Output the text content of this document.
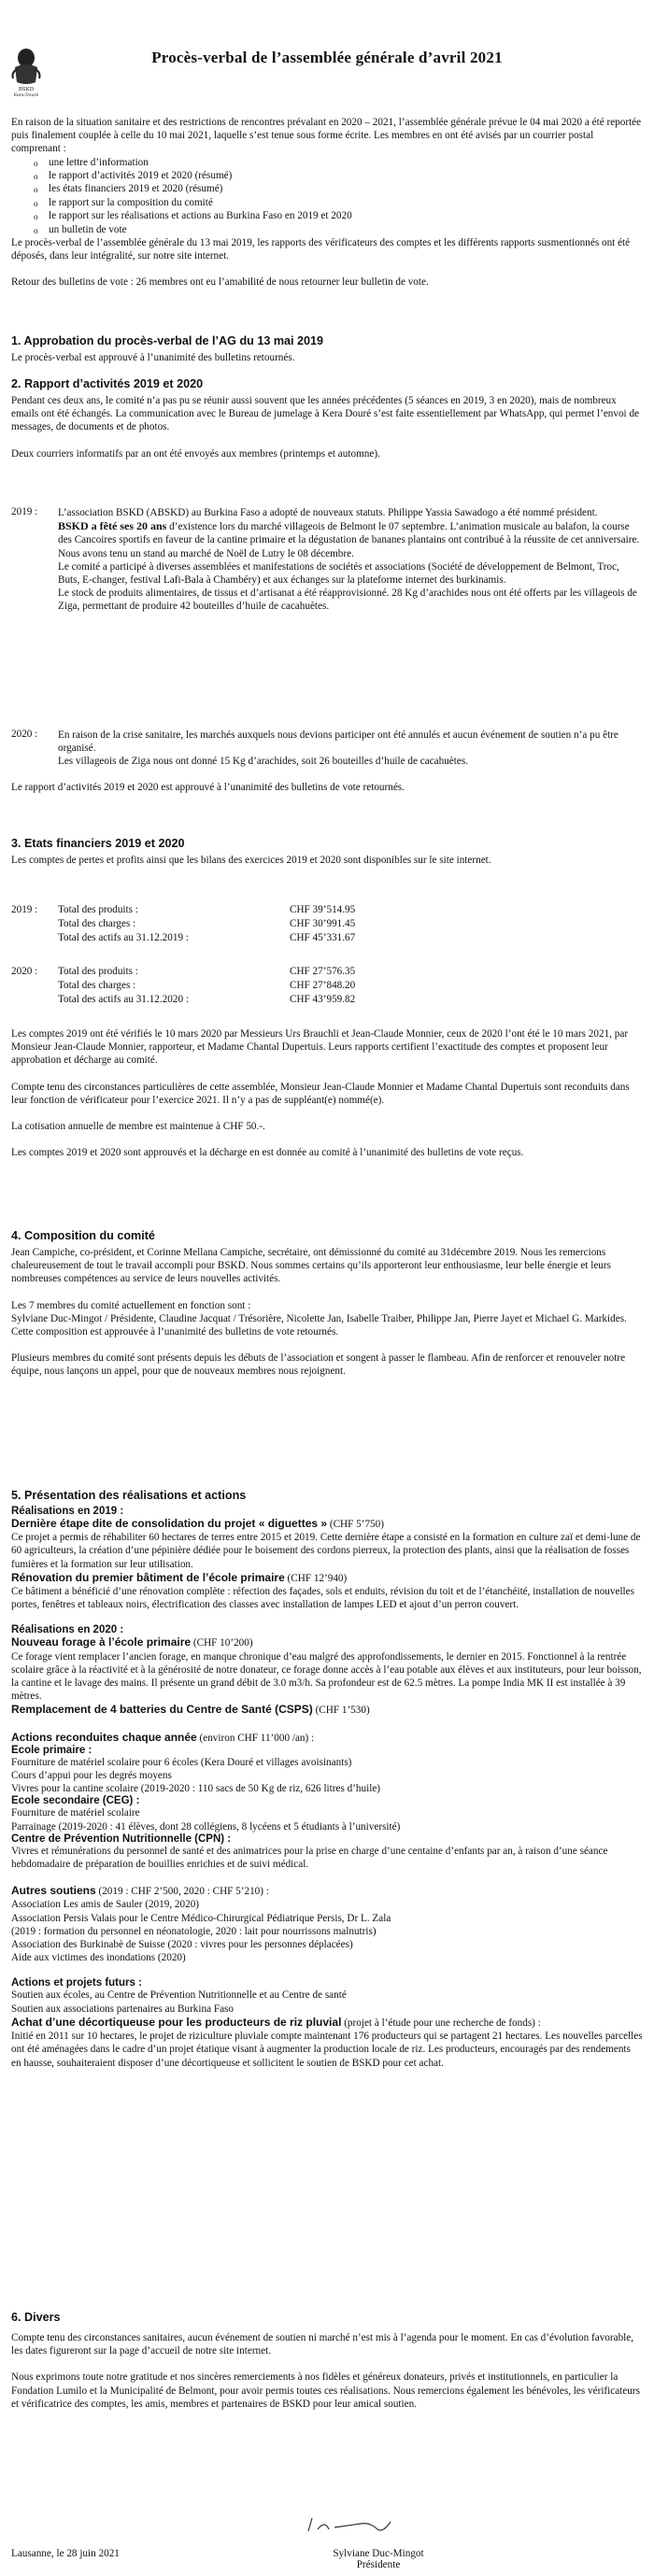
BSKD
Kera-Douré
Procès-verbal de l’assemblée générale d’avril 2021

En raison de la situation sanitaire et des restrictions de rencontres prévalant en 2020 – 2021, l’assemblée générale prévue le 04 mai 2020 a été reportée puis finalement couplée à celle du 10 mai 2021, laquelle s’est tenue sous forme écrite. Les membres en ont été avisés par un courrier postal comprenant :

o une lettre d’information
o le rapport d’activités 2019 et 2020 (résumé)
o les états financiers 2019 et 2020 (résumé)
o le rapport sur la composition du comité
o le rapport sur les réalisations et actions au Burkina Faso en 2019 et 2020
o un bulletin de vote

Le procès-verbal de l’assemblée générale du 13 mai 2019, les rapports des vérificateurs des comptes et les différents rapports susmentionnés ont été déposés, dans leur intégralité, sur notre site internet.

Retour des bulletins de vote : 26 membres ont eu l’amabilité de nous retourner leur bulletin de vote.

1. Approbation du procès-verbal de l’AG du 13 mai 2019

Le procès-verbal est approuvé à l’unanimité des bulletins retournés.

2. Rapport d’activités 2019 et 2020

Pendant ces deux ans, le comité n’a pas pu se réunir aussi souvent que les années précédentes (5 séances en 2019, 3 en 2020), mais de nombreux emails ont été échangés. La communication avec le Bureau de jumelage à Kera Douré s’est faite essentiellement par WhatsApp, qui permet l’envoi de messages, de documents et de photos.

Deux courriers informatifs par an ont été envoyés aux membres (printemps et automne).

2019 : L’association BSKD (ABSKD) au Burkina Faso a adopté de nouveaux statuts. Philippe Yassia Sawadogo a été nommé président.
BSKD a fêté ses 20 ans d’existence lors du marché villageois de Belmont le 07 septembre. L’animation musicale au balafon, la course des Cancoires sportifs en faveur de la cantine primaire et la dégustation de bananes plantains ont contribué à la réussite de cet anniversaire.
Nous avons tenu un stand au marché de Noël de Lutry le 08 décembre.
Le comité a participé à diverses assemblées et manifestations de sociétés et associations (Société de développement de Belmont, Troc, Buts, E-changer, festival Lafi-Bala à Chambéry) et aux échanges sur la plateforme internet des burkinamis.
Le stock de produits alimentaires, de tissus et d’artisanat a été réapprovisionné. 28 Kg d’arachides nous ont été offerts par les villageois de Ziga, permettant de produire 42 bouteilles d’huile de cacahuètes.
2020 : En raison de la crise sanitaire, les marchés auxquels nous devions participer ont été annulés et aucun événement de soutien n’a pu être organisé.
Les villageois de Ziga nous ont donné 15 Kg d’arachides, soit 26 bouteilles d’huile de cacahuètes.

Le rapport d’activités 2019 et 2020 est approuvé à l’unanimité des bulletins de vote retournés.

3. Etats financiers 2019 et 2020

Les comptes de pertes et profits ainsi que les bilans des exercices 2019 et 2020 sont disponibles sur le site internet.

2019 : Total des produits :	CHF 39’514.95
Total des charges :	CHF 30’991.45
Total des actifs au 31.12.2019 :	CHF 45’331.67
2020 : Total des produits :	CHF 27’576.35
Total des charges :	CHF 27’848.20
Total des actifs au 31.12.2020 :	CHF 43’959.82

Les comptes 2019 ont été vérifiés le 10 mars 2020 par Messieurs Urs Brauchli et Jean-Claude Monnier, ceux de 2020 l’ont été le 10 mars 2021, par Monsieur Jean-Claude Monnier, rapporteur, et Madame Chantal Dupertuis. Leurs rapports certifient l’exactitude des comptes et proposent leur approbation et décharge au comité.

Compte tenu des circonstances particulières de cette assemblée, Monsieur Jean-Claude Monnier et Madame Chantal Dupertuis sont reconduits dans leur fonction de vérificateur pour l’exercice 2021. Il n’y a pas de suppléant(e) nommé(e).

La cotisation annuelle de membre est maintenue à CHF 50.-.

Les comptes 2019 et 2020 sont approuvés et la décharge en est donnée au comité à l’unanimité des bulletins de vote reçus.

4. Composition du comité

Jean Campiche, co-président, et Corinne Mellana Campiche, secrétaire, ont démissionné du comité au 31décembre 2019. Nous les remercions chaleureusement de tout le travail accompli pour BSKD. Nous sommes certains qu’ils apporteront leur enthousiasme, leur belle énergie et leurs nombreuses compétences au service de leurs nouvelles activités.

Les 7 membres du comité actuellement en fonction sont :

Sylviane Duc-Mingot / Présidente, Claudine Jacquat / Trésorière, Nicolette Jan, Isabelle Traiber, Philippe Jan, Pierre Jayet et Michael G. Markides.

Cette composition est approuvée à l’unanimité des bulletins de vote retournés.

Plusieurs membres du comité sont présents depuis les débuts de l’association et songent à passer le flambeau. Afin de renforcer et renouveler notre équipe, nous lançons un appel, pour que de nouveaux membres nous rejoignent.

5. Présentation des réalisations et actions

Réalisations en 2019 :
Dernière étape dite de consolidation du projet « diguettes » (CHF 5’750)

Ce projet a permis de réhabiliter 60 hectares de terres entre 2015 et 2019. Cette dernière étape a consisté en la formation en culture zaï et demi-lune de 60 agriculteurs, la création d’une pépinière dédiée pour le boisement des cordons pierreux, la protection des plants, ainsi que la réalisation de fosses fumières et la formation sur leur utilisation.

Rénovation du premier bâtiment de l’école primaire (CHF 12’940)

Ce bâtiment a bénéficié d’une rénovation complète : réfection des façades, sols et enduits, révision du toit et de l’étanchéité, installation de nouvelles portes, fenêtres et tableaux noirs, électrification des classes avec installation de lampes LED et ajout d’un perron couvert.

Réalisations en 2020 :
Nouveau forage à l’école primaire (CHF 10’200)

Ce forage vient remplacer l’ancien forage, en manque chronique d’eau malgré des approfondissements, le dernier en 2015. Fonctionnel à la rentrée scolaire grâce à la réactivité et à la générosité de notre donateur, ce forage donne accès à l’eau potable aux élèves et aux instituteurs, pour leur boisson, la cantine et le lavage des mains. Il présente un grand débit de 3.0 m3/h. Sa profondeur est de 62.5 mètres. La pompe India MK II est installée à 39 mètres.

Remplacement de 4 batteries du Centre de Santé (CSPS) (CHF 1’530)
Actions reconduites chaque année (environ CHF 11’000 /an) :
Ecole primaire :

Fourniture de matériel scolaire pour 6 écoles (Kera Douré et villages avoisinants)

Cours d’appui pour les degrés moyens

Vivres pour la cantine scolaire (2019-2020 : 110 sacs de 50 Kg de riz, 626 litres d’huile)

Ecole secondaire (CEG) :

Fourniture de matériel scolaire

Parrainage (2019-2020 : 41 élèves, dont 28 collégiens, 8 lycéens et 5 étudiants à l’université)

Centre de Prévention Nutritionnelle (CPN) :

Vivres et rémunérations du personnel de santé et des animatrices pour la prise en charge d’une centaine d’enfants par an, à raison d’une séance hebdomadaire de préparation de bouillies enrichies et de suivi médical.

Autres soutiens (2019 : CHF 2’500, 2020 : CHF 5’210) :

Association Les amis de Sauler (2019, 2020)

Association Persis Valais pour le Centre Médico-Chirurgical Pédiatrique Persis, Dr L. Zala

(2019 : formation du personnel en néonatologie, 2020 : lait pour nourrissons malnutris)

Association des Burkinabè de Suisse (2020 : vivres pour les personnes déplacées)

Aide aux victimes des inondations (2020)

Actions et projets futurs :

Soutien aux écoles, au Centre de Prévention Nutritionnelle et au Centre de santé

Soutien aux associations partenaires au Burkina Faso

Achat d’une décortiqueuse pour les producteurs de riz pluvial (projet à l’étude pour une recherche de fonds) :

Initié en 2011 sur 10 hectares, le projet de riziculture pluviale compte maintenant 176 producteurs qui se partagent 21 hectares. Les nouvelles parcelles ont été aménagées dans le cadre d’un projet étatique visant à augmenter la production locale de riz. Les producteurs, encouragés par des rendements en hausse, souhaiteraient disposer d’une décortiqueuse et sollicitent le soutien de BSKD pour cet achat.

6. Divers

Compte tenu des circonstances sanitaires, aucun événement de soutien ni marché n’est mis à l’agenda pour le moment. En cas d’évolution favorable, les dates figureront sur la page d’accueil de notre site internet.

Nous exprimons toute notre gratitude et nos sincères remerciements à nos fidèles et généreux donateurs, privés et institutionnels, en particulier la Fondation Lumilo et la Municipalité de Belmont, pour avoir permis toutes ces réalisations. Nous remercions également les bénévoles, les vérificateurs et vérificatrice des comptes, les amis, membres et partenaires de BSKD pour leur amical soutien.

Lausanne, le 28 juin 2021	Sylviane Duc-Mingot
Présidente
